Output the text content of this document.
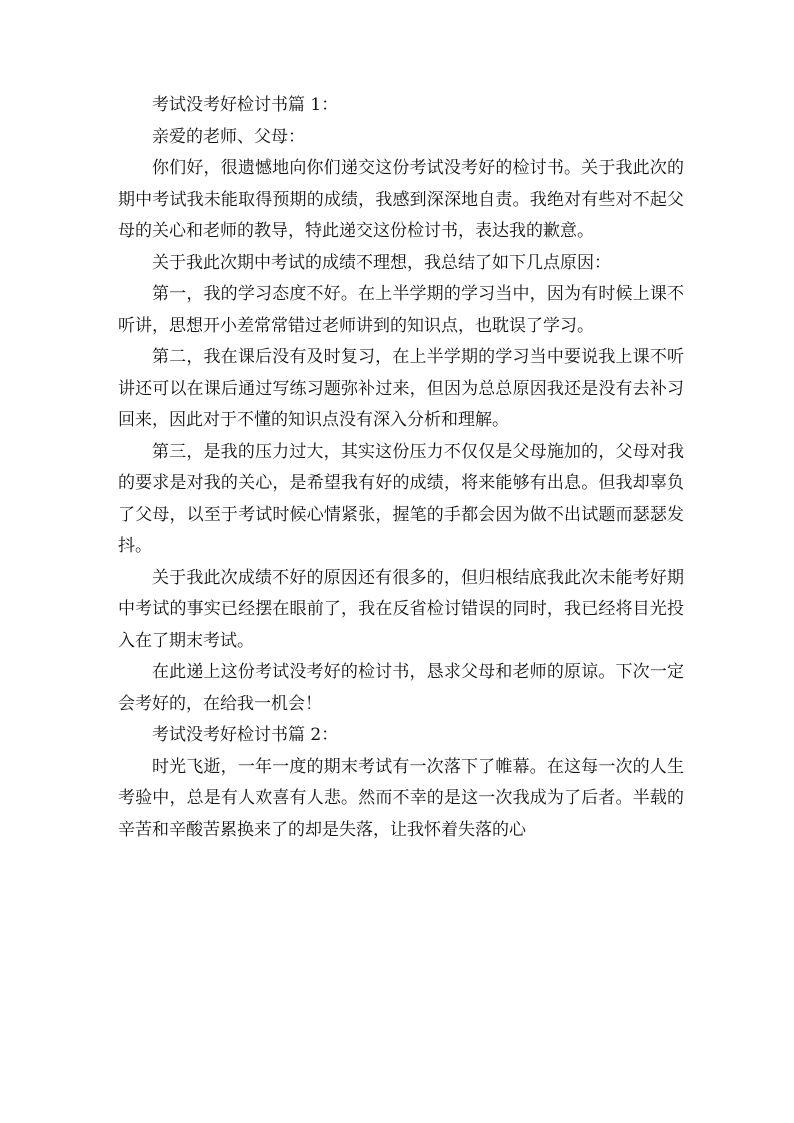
考试没考好检讨书篇 1：

亲爱的老师、父母：

你们好，很遗憾地向你们递交这份考试没考好的检讨书。关于我此次的期中考试我未能取得预期的成绩，我感到深深地自责。我绝对有些对不起父母的关心和老师的教导，特此递交这份检讨书，表达我的歉意。

关于我此次期中考试的成绩不理想，我总结了如下几点原因：

第一，我的学习态度不好。在上半学期的学习当中，因为有时候上课不听讲，思想开小差常常错过老师讲到的知识点，也耽误了学习。

第二，我在课后没有及时复习，在上半学期的学习当中要说我上课不听讲还可以在课后通过写练习题弥补过来，但因为总总原因我还是没有去补习回来，因此对于不懂的知识点没有深入分析和理解。

第三，是我的压力过大，其实这份压力不仅仅是父母施加的，父母对我的要求是对我的关心，是希望我有好的成绩，将来能够有出息。但我却辜负了父母，以至于考试时候心情紧张，握笔的手都会因为做不出试题而瑟瑟发抖。

关于我此次成绩不好的原因还有很多的，但归根结底我此次未能考好期中考试的事实已经摆在眼前了，我在反省检讨错误的同时，我已经将目光投入在了期末考试。

在此递上这份考试没考好的检讨书，恳求父母和老师的原谅。下次一定会考好的，在给我一机会！

考试没考好检讨书篇 2：

时光飞逝，一年一度的期末考试有一次落下了帷幕。在这每一次的人生考验中，总是有人欢喜有人悲。然而不幸的是这一次我成为了后者。半载的辛苦和辛酸苦累换来了的却是失落，让我怀着失落的心
